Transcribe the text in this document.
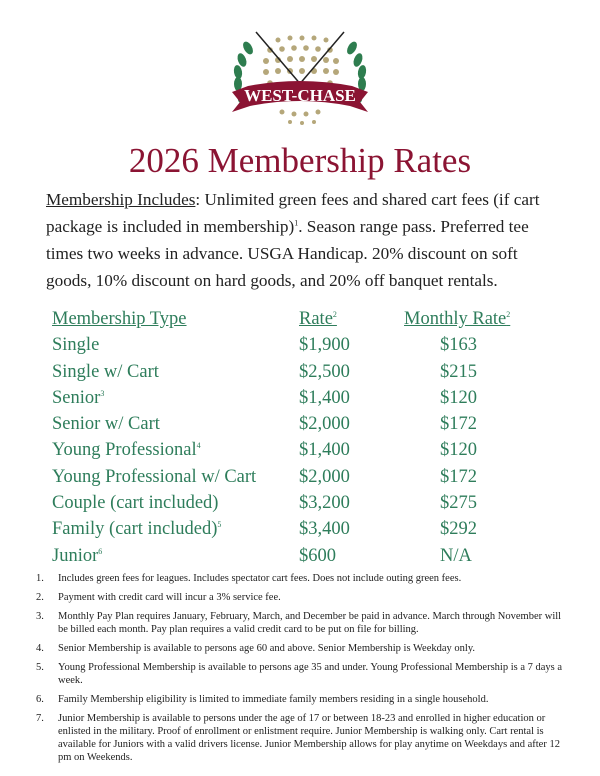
WEST-CHASE
2026 Membership Rates
Membership Includes: Unlimited green fees and shared cart fees (if cart package is included in membership)$^1$. Season range pass. Preferred tee times two weeks in advance. USGA Handicap. 20% discount on soft goods, 10% discount on hard goods, and 20% off banquet rentals.
Membership Type	Rate$^2$	Monthly Rate$^2$
Single	$1,900	$163
Single w/ Cart	$2,500	$215
Senior$^3$	$1,400	$120
Senior w/ Cart	$2,000	$172
Young Professional$^4$	$1,400	$120
Young Professional w/ Cart $2,000	$172
Couple (cart included)	$3,200	$275
Family (cart included)$^5$	$3,400	$292
Junior$^6$	$600	N/A
1. Includes green fees for leagues. Includes spectator cart fees. Does not include outing green fees.
2. Payment with credit card will incur a 3% service fee.
3. Monthly Pay Plan requires January, February, March, and December be paid in advance. March through November will be billed each month. Pay plan requires a valid credit card to be put on file for billing.
4. Senior Membership is available to persons age 60 and above. Senior Membership is Weekday only.
5. Young Professional Membership is available to persons age 35 and under. Young Professional Membership is a 7 days a week.
6. Family Membership eligibility is limited to immediate family members residing in a single household.
7. Junior Membership is available to persons under the age of 17 or between 18-23 and enrolled in higher education or enlisted in the military. Proof of enrollment or enlistment require. Junior Membership is walking only. Cart rental is available for Juniors with a valid drivers license. Junior Membership allows for play anytime on Weekdays and after 12 pm on Weekends.
